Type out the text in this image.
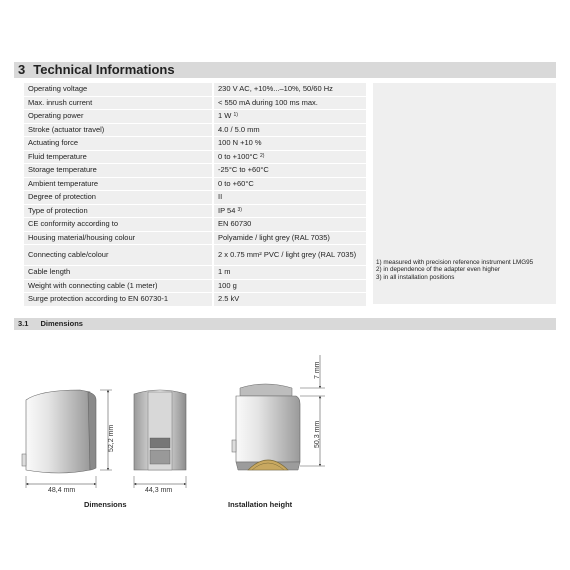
3 Technical Informations
Operating voltage	230 V AC, +10%...–10%, 50/60 Hz
Max. inrush current	< 550 mA during 100 ms max.
Operating power	1 W $^{1)}$
Stroke (actuator travel)	4.0 / 5.0 mm
Actuating force	100 N +10 %
Fluid temperature	0 to +100°C $^{2)}$
Storage temperature	-25°C to +60°C
Ambient temperature	0 to +60°C
Degree of protection	II
Type of protection	IP 54 $^{3)}$
CE conformity according to	EN 60730
Housing material/housing colour	Polyamide / light grey (RAL 7035)
Connecting cable/colour	2 x 0.75 mm² PVC / light grey (RAL 7035)
Cable length	1 m
Weight with connecting cable (1 meter)	100 g
Surge protection according to EN 60730-1	2.5 kV
1) measured with precision reference instrument LMG95
2) in dependence of the adapter even higher
3) in all installation positions
3.1 Dimensions
48,4 mm
52,2 mm
44,3 mm
7 mm
50,3 mm
Dimensions	Installation height
